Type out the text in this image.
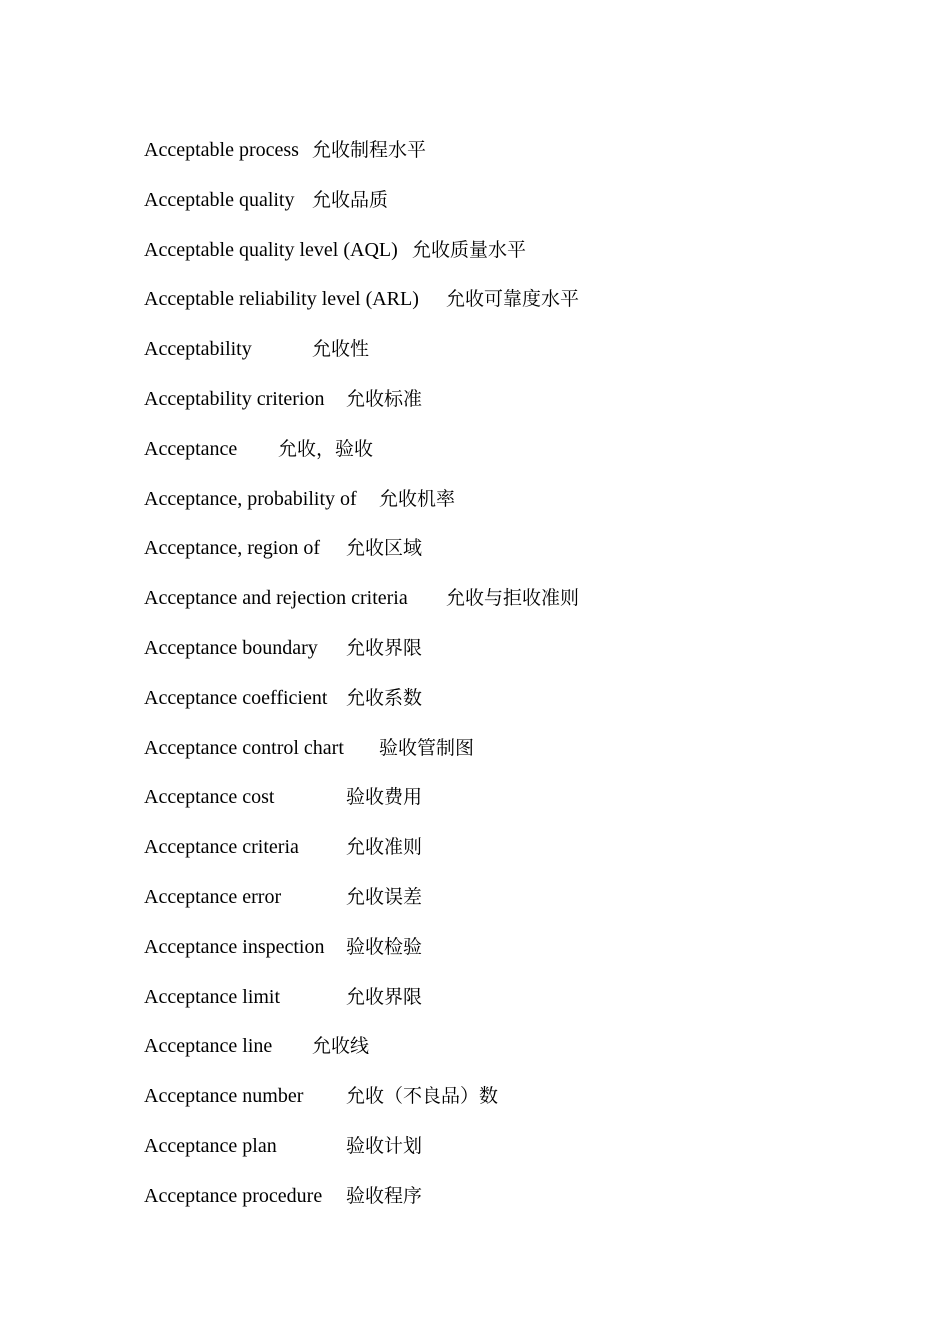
Acceptable process 允收制程水平
Acceptable quality 允收品质
Acceptable quality level (AQL) 允收质量水平
Acceptable reliability level (ARL) 允收可靠度水平
Acceptability	允收性
Acceptability criterion 允收标准
Acceptance 允收，验收
Acceptance, probability of 允收机率
Acceptance, region of 允收区域
Acceptance and rejection criteria 允收与拒收准则
Acceptance boundary 允收界限
Acceptance coefficient 允收系数
Acceptance control chart 验收管制图
Acceptance cost	验收费用
Acceptance criteria 允收准则
Acceptance error	允收误差
Acceptance inspection 验收检验
Acceptance limit	允收界限
Acceptance line 允收线
Acceptance number 允收（不良品）数
Acceptance plan	验收计划
Acceptance procedure 验收程序
